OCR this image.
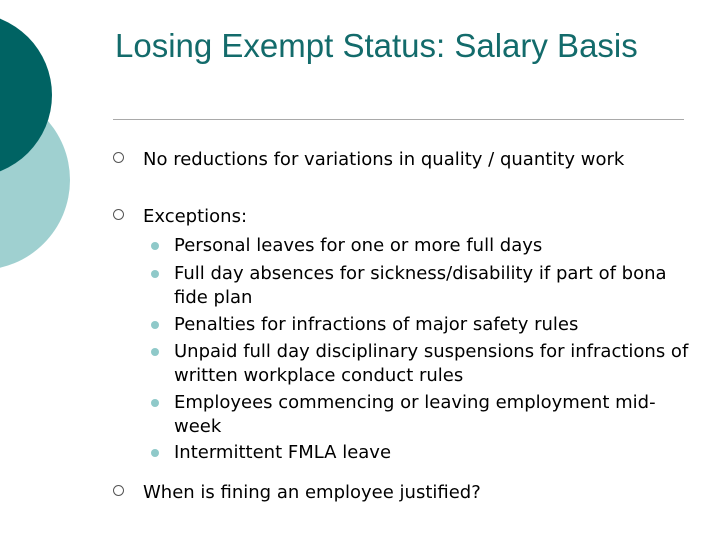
Losing Exempt Status: Salary Basis
No reductions for variations in quality / quantity work
Exceptions:
Personal leaves for one or more full days
Full day absences for sickness/disability if part of bona fide plan
Penalties for infractions of major safety rules
Unpaid full day disciplinary suspensions for infractions of written workplace conduct rules
Employees commencing or leaving employment mid-week
Intermittent FMLA leave
When is fining an employee justified?
